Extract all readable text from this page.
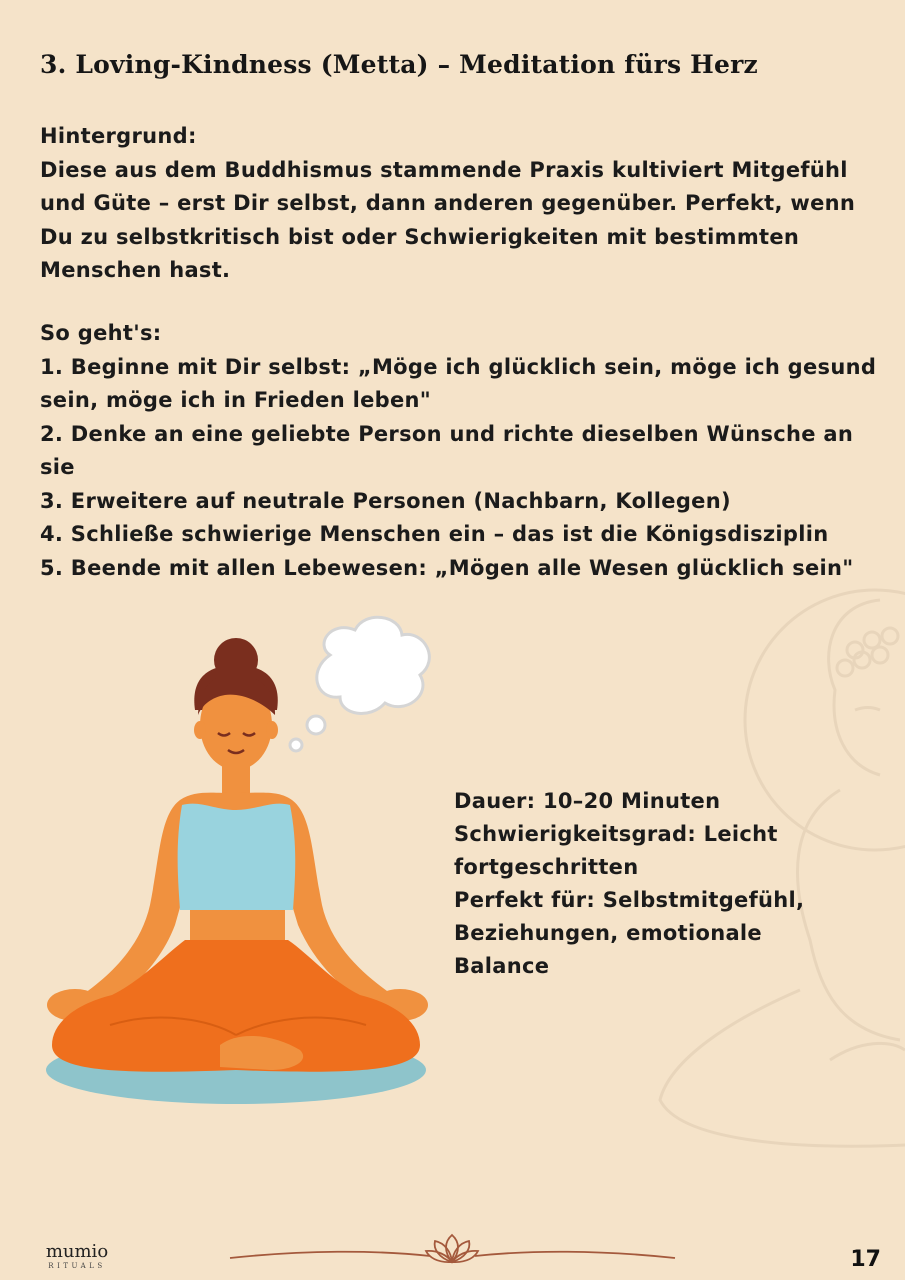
3. Loving-Kindness (Metta) – Meditation fürs Herz

Hintergrund:

Diese aus dem Buddhismus stammende Praxis kultiviert Mitgefühl und Güte – erst Dir selbst, dann anderen gegenüber. Perfekt, wenn Du zu selbstkritisch bist oder Schwierigkeiten mit bestimmten Menschen hast.

So geht's:

1. Beginne mit Dir selbst: „Möge ich glücklich sein, möge ich gesund sein, möge ich in Frieden leben"

2. Denke an eine geliebte Person und richte dieselben Wünsche an sie

3. Erweitere auf neutrale Personen (Nachbarn, Kollegen)

4. Schließe schwierige Menschen ein – das ist die Königsdisziplin

5. Beende mit allen Lebewesen: „Mögen alle Wesen glücklich sein"

Dauer: 10–20 Minuten

Schwierigkeitsgrad: Leicht fortgeschritten

Perfekt für: Selbstmitgefühl, Beziehungen, emotionale Balance

mumio
RITUALS	17
